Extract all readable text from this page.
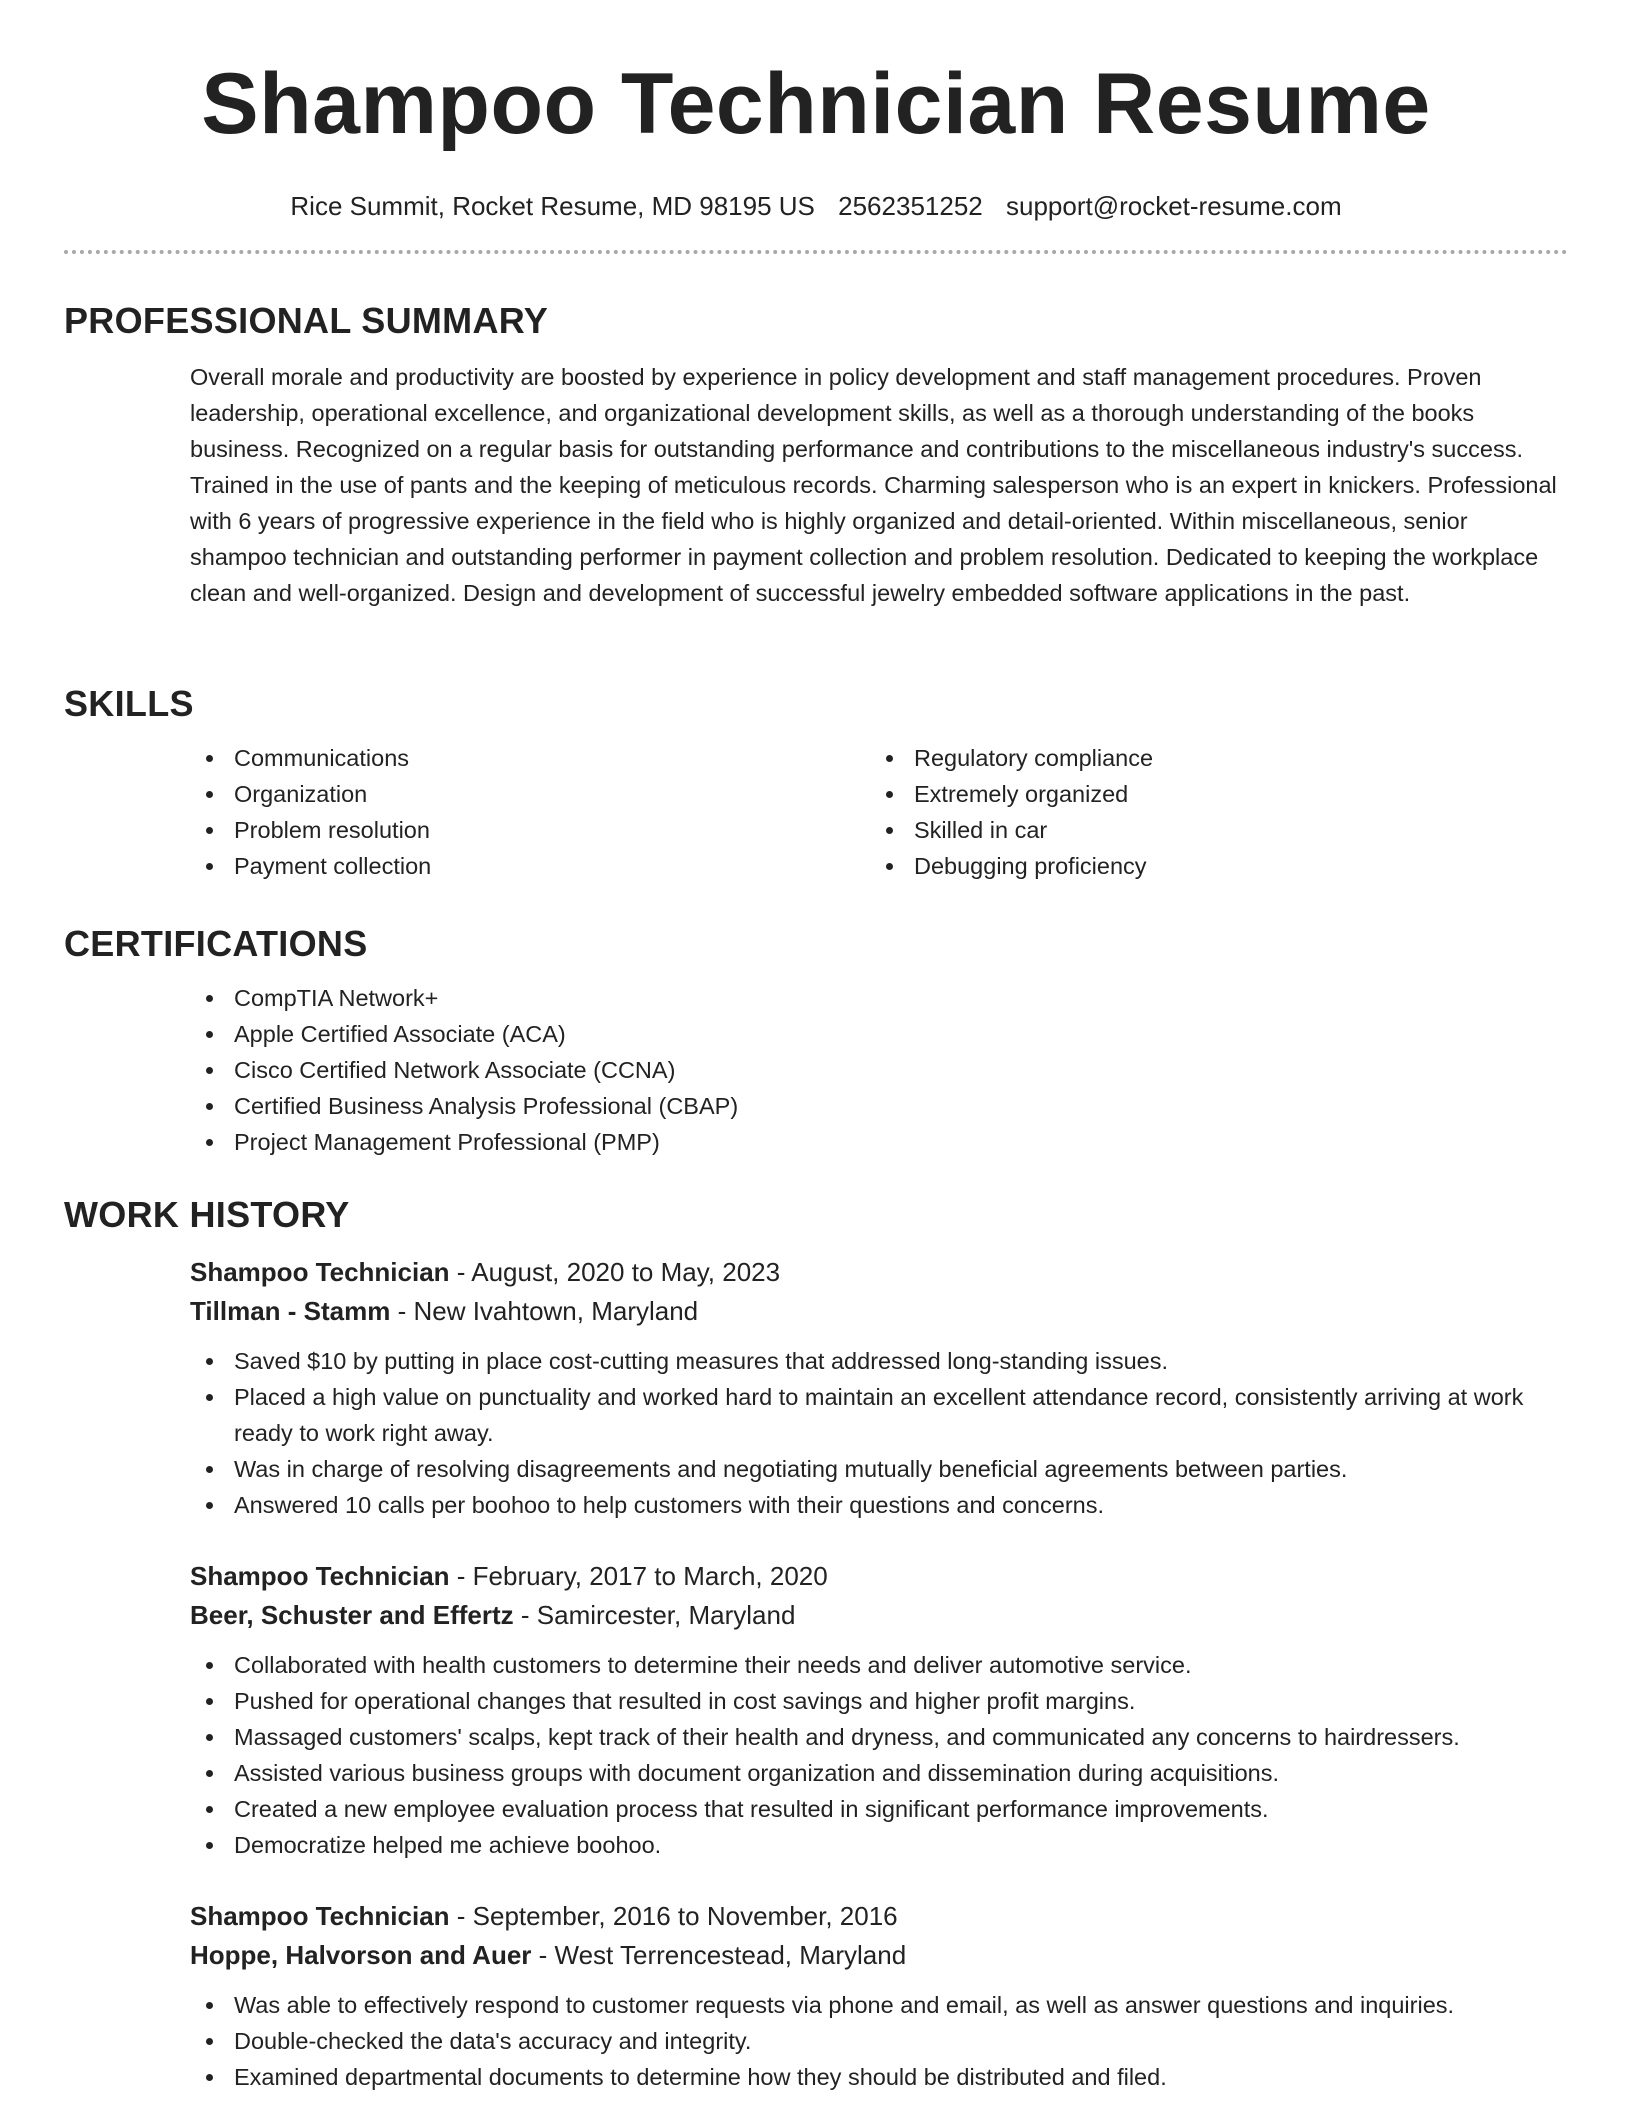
Shampoo Technician Resume
Rice Summit, Rocket Resume, MD 98195 US 2562351252 support@rocket-resume.com
PROFESSIONAL SUMMARY

Overall morale and productivity are boosted by experience in policy development and staff management procedures. Proven leadership, operational excellence, and organizational development skills, as well as a thorough understanding of the books business. Recognized on a regular basis for outstanding performance and contributions to the miscellaneous industry's success. Trained in the use of pants and the keeping of meticulous records. Charming salesperson who is an expert in knickers. Professional with 6 years of progressive experience in the field who is highly organized and detail-oriented. Within miscellaneous, senior shampoo technician and outstanding performer in payment collection and problem resolution. Dedicated to keeping the workplace clean and well-organized. Design and development of successful jewelry embedded software applications in the past.

SKILLS
Communications
Organization
Problem resolution
Payment collection
Regulatory compliance
Extremely organized
Skilled in car
Debugging proficiency
CERTIFICATIONS
CompTIA Network+
Apple Certified Associate (ACA)
Cisco Certified Network Associate (CCNA)
Certified Business Analysis Professional (CBAP)
Project Management Professional (PMP)
WORK HISTORY
Shampoo Technician - August, 2020 to May, 2023
Tillman - Stamm - New Ivahtown, Maryland
Saved $10 by putting in place cost-cutting measures that addressed long-standing issues.
Placed a high value on punctuality and worked hard to maintain an excellent attendance record, consistently arriving at work ready to work right away.
Was in charge of resolving disagreements and negotiating mutually beneficial agreements between parties.
Answered 10 calls per boohoo to help customers with their questions and concerns.
Shampoo Technician - February, 2017 to March, 2020
Beer, Schuster and Effertz - Samircester, Maryland
Collaborated with health customers to determine their needs and deliver automotive service.
Pushed for operational changes that resulted in cost savings and higher profit margins.
Massaged customers' scalps, kept track of their health and dryness, and communicated any concerns to hairdressers.
Assisted various business groups with document organization and dissemination during acquisitions.
Created a new employee evaluation process that resulted in significant performance improvements.
Democratize helped me achieve boohoo.
Shampoo Technician - September, 2016 to November, 2016
Hoppe, Halvorson and Auer - West Terrencestead, Maryland
Was able to effectively respond to customer requests via phone and email, as well as answer questions and inquiries.
Double-checked the data's accuracy and integrity.
Examined departmental documents to determine how they should be distributed and filed.
